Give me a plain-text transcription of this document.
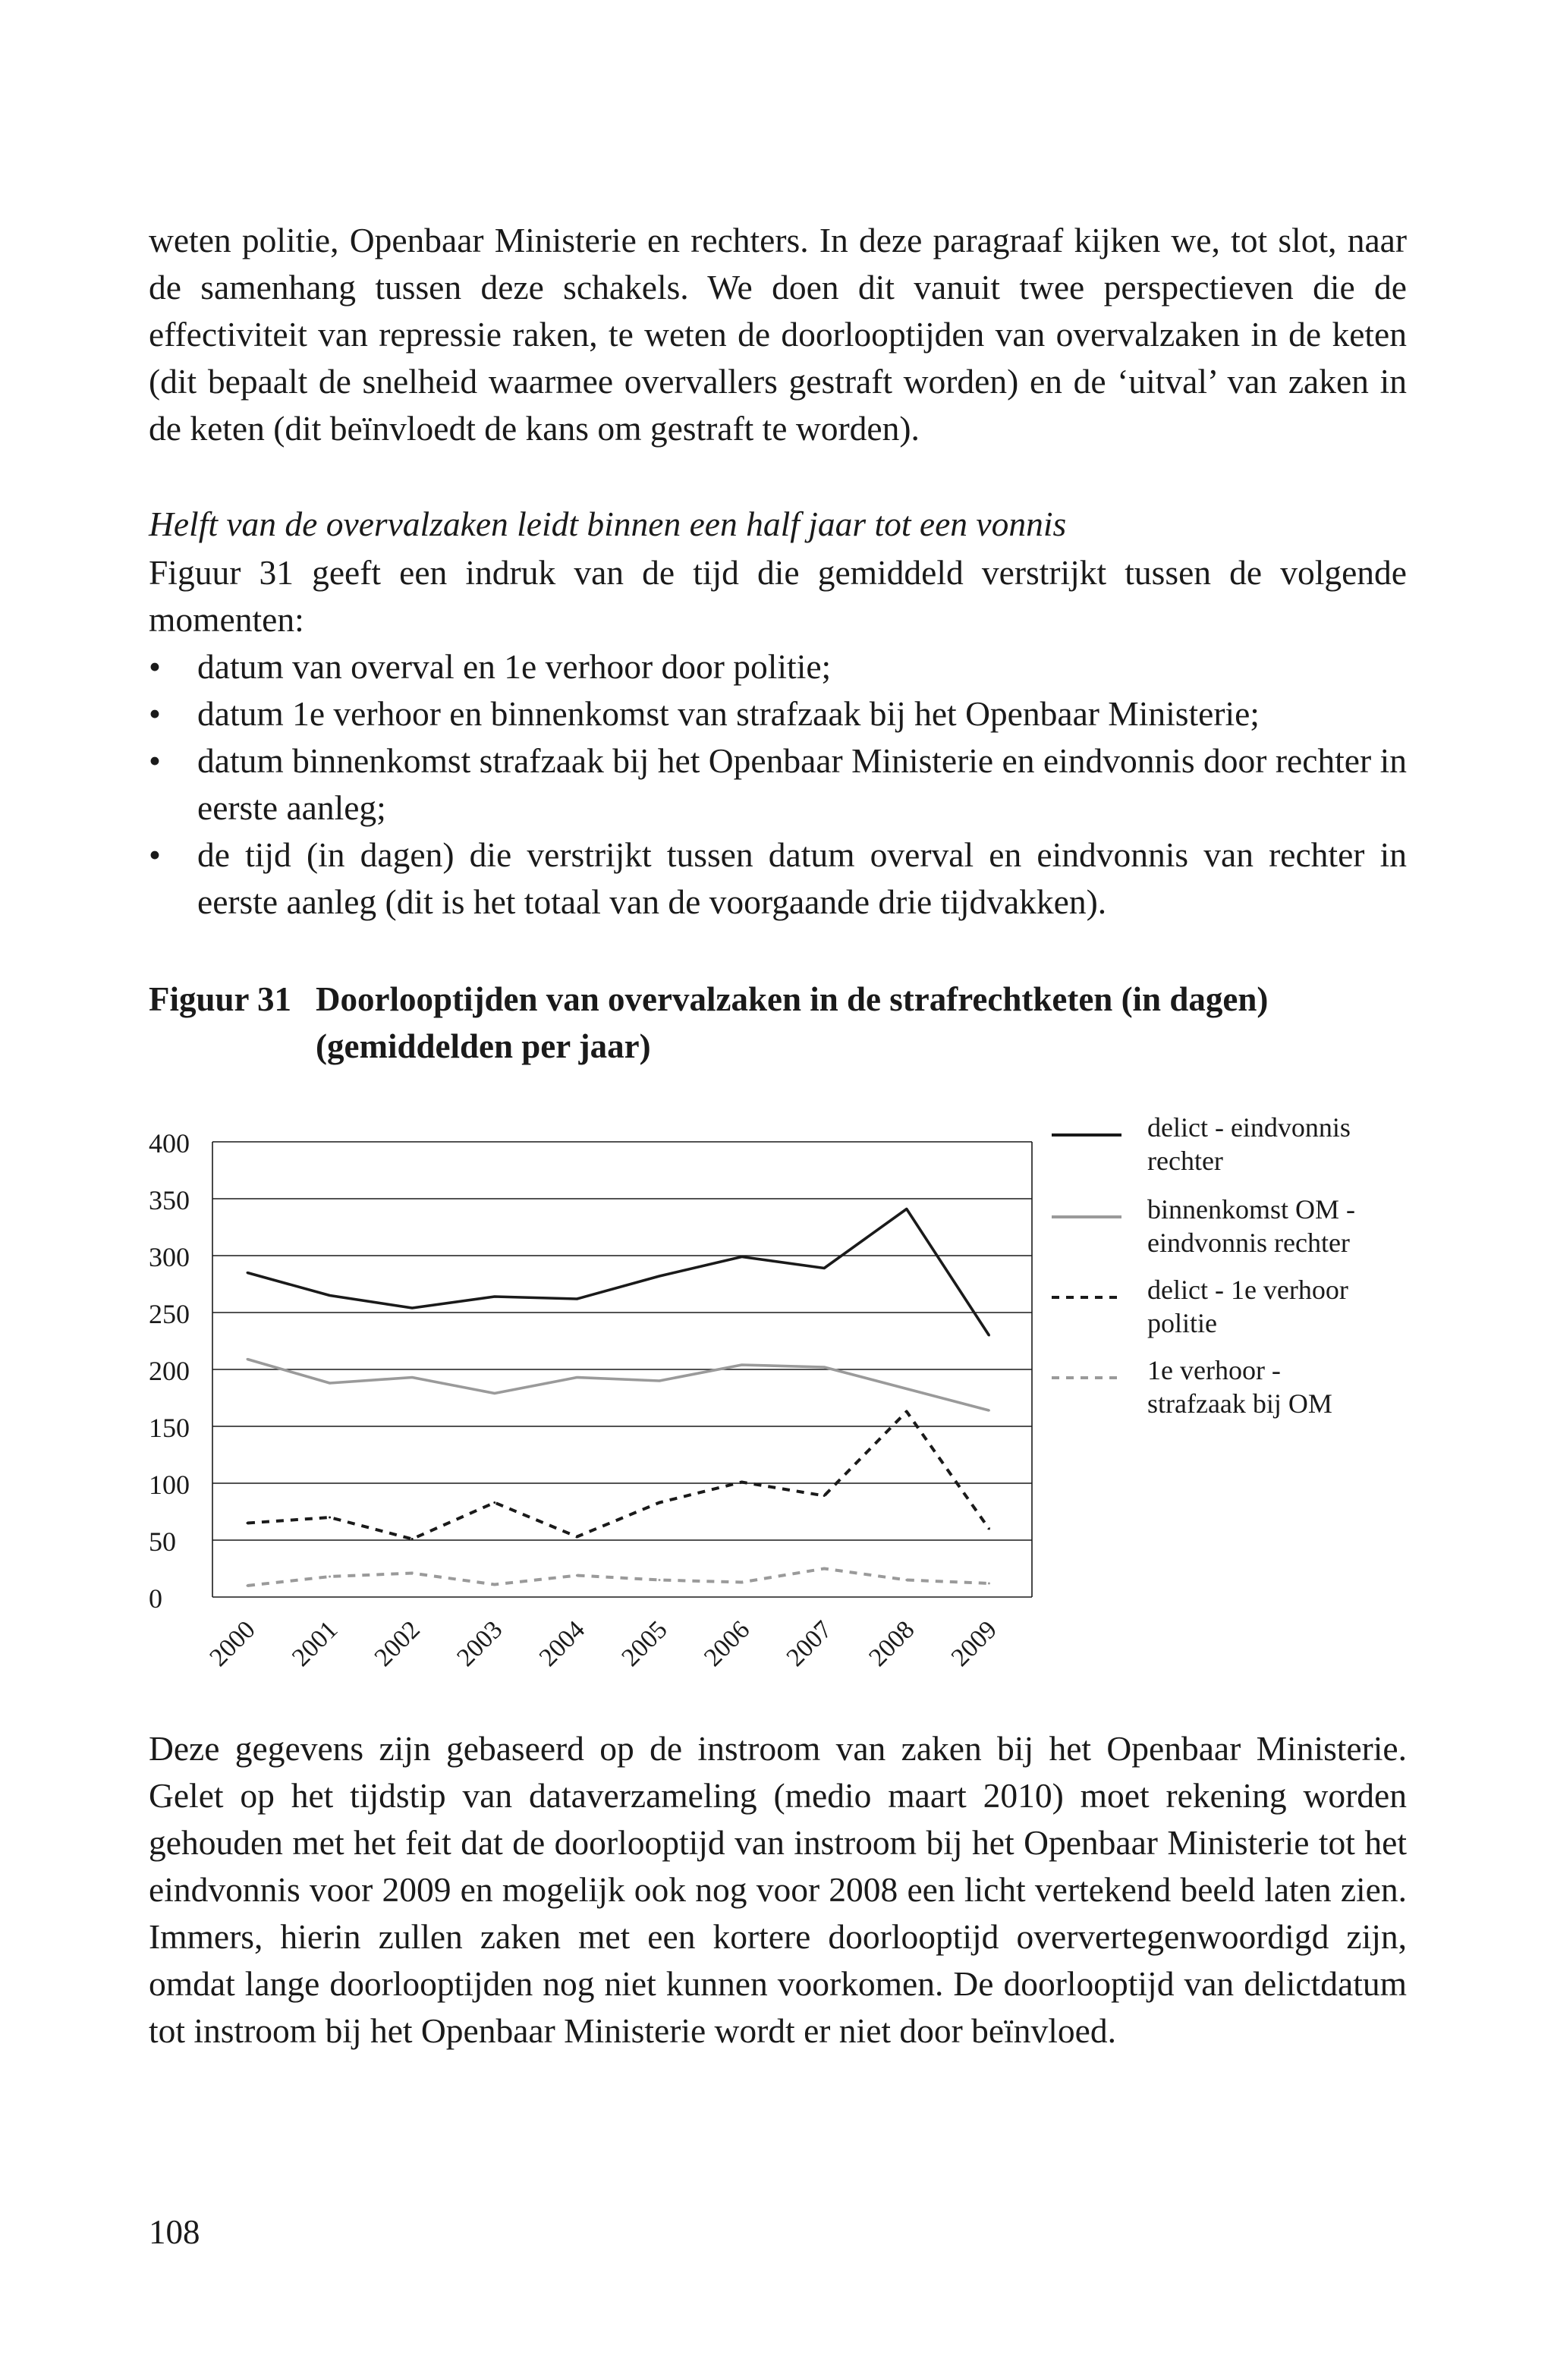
weten politie, Openbaar Ministerie en rechters. In deze paragraaf kijken we, tot slot, naar de samenhang tussen deze schakels. We doen dit vanuit twee perspectieven die de effectiviteit van repressie raken, te weten de doorlooptijden van overvalzaken in de keten (dit bepaalt de snelheid waarmee overvallers gestraft worden) en de ‘uitval’ van zaken in de keten (dit beïnvloedt de kans om gestraft te worden).
Helft van de overvalzaken leidt binnen een half jaar tot een vonnis
Figuur 31 geeft een indruk van de tijd die gemiddeld verstrijkt tussen de volgende momenten:
• datum van overval en 1e verhoor door politie;
• datum 1e verhoor en binnenkomst van strafzaak bij het Openbaar Ministerie;
• datum binnenkomst strafzaak bij het Openbaar Ministerie en eindvonnis door rechter in eerste aanleg;
• de tijd (in dagen) die verstrijkt tussen datum overval en eindvonnis van rechter in eerste aanleg (dit is het totaal van de voorgaande drie tijdvakken).
Figuur 31 Doorlooptijden van overvalzaken in de strafrechtketen (in dagen) (gemiddelden per jaar)
0
50
100
150
200
250
300
350
400
2000 2001 2002 2003 2004 2005 2006 2007 2008 2009
delict - eindvonnis
rechter
binnenkomst OM -
eindvonnis rechter
delict - 1e verhoor
politie
1e verhoor -
strafzaak bij OM
Deze gegevens zijn gebaseerd op de instroom van zaken bij het Openbaar Ministerie. Gelet op het tijdstip van dataverzameling (medio maart 2010) moet rekening worden gehouden met het feit dat de doorlooptijd van instroom bij het Openbaar Ministerie tot het eindvonnis voor 2009 en mogelijk ook nog voor 2008 een licht vertekend beeld laten zien. Immers, hierin zullen zaken met een kortere doorlooptijd oververtegenwoordigd zijn, omdat lange doorlooptijden nog niet kunnen voorkomen. De doorlooptijd van delictdatum tot instroom bij het Openbaar Ministerie wordt er niet door beïnvloed.
108
